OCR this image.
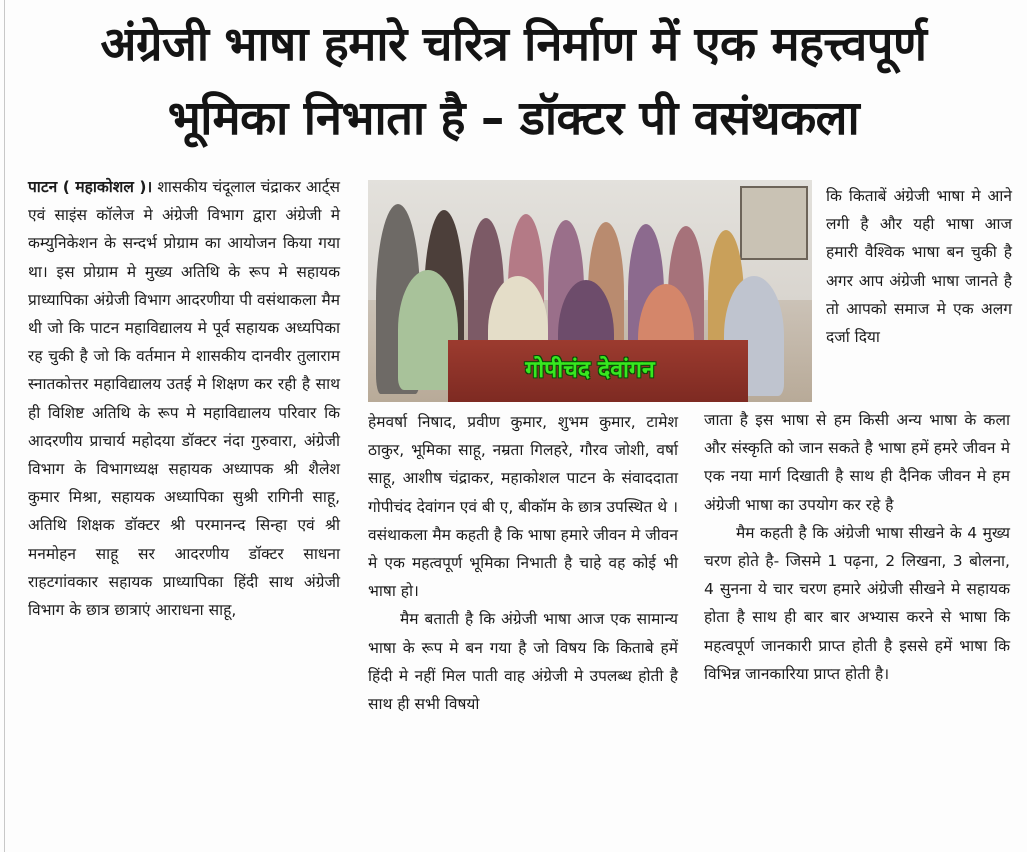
अंग्रेजी भाषा हमारे चरित्र निर्माण में एक महत्त्वपूर्ण
भूमिका निभाता है – डॉक्टर पी वसंथकला

पाटन ( महाकोशल )। शासकीय चंदूलाल चंद्राकर आर्ट्स एवं साइंस कॉलेज मे अंग्रेजी विभाग द्वारा अंग्रेजी मे कम्युनिकेशन के सन्दर्भ प्रोग्राम का आयोजन किया गया था। इस प्रोग्राम मे मुख्य अतिथि के रूप मे सहायक प्राध्यापिका अंग्रेजी विभाग आदरणीया पी वसंथाकला मैम थी जो कि पाटन महाविद्यालय मे पूर्व सहायक अध्यपिका रह चुकी है जो कि वर्तमान मे शासकीय दानवीर तुलाराम स्नातकोत्तर महाविद्यालय उतई मे शिक्षण कर रही है साथ ही विशिष्ट अतिथि के रूप मे महाविद्यालय परिवार कि आदरणीय प्राचार्य महोदया डॉक्टर नंदा गुरुवारा, अंग्रेजी विभाग के विभागध्यक्ष सहायक अध्यापक श्री शैलेश कुमार मिश्रा, सहायक अध्यापिका सुश्री रागिनी साहू, अतिथि शिक्षक डॉक्टर श्री परमानन्द सिन्हा एवं श्री मनमोहन साहू सर आदरणीय डॉक्टर साधना राहटगांवकार सहायक प्राध्यापिका हिंदी साथ अंग्रेजी विभाग के छात्र छात्राएं आराधना साहू,

गोपीचंद देवांगन

हेमवर्षा निषाद, प्रवीण कुमार, शुभम कुमार, टामेश ठाकुर, भूमिका साहू, नम्रता गिलहरे, गौरव जोशी, वर्षा साहू, आशीष चंद्राकर, महाकोशल पाटन के संवाददाता गोपीचंद देवांगन एवं बी ए, बीकॉम के छात्र उपस्थित थे । वसंथाकला मैम कहती है कि भाषा हमारे जीवन मे जीवन मे एक महत्वपूर्ण भूमिका निभाती है चाहे वह कोई भी भाषा हो।

मैम बताती है कि अंग्रेजी भाषा आज एक सामान्य भाषा के रूप मे बन गया है जो विषय कि किताबे हमें हिंदी मे नहीं मिल पाती वाह अंग्रेजी मे उपलब्ध होती है साथ ही सभी विषयो

कि किताबें अंग्रेजी भाषा मे आने लगी है और यही भाषा आज हमारी वैश्विक भाषा बन चुकी है अगर आप अंग्रेजी भाषा जानते है तो आपको समाज मे एक अलग दर्जा दिया

जाता है इस भाषा से हम किसी अन्य भाषा के कला और संस्कृति को जान सकते है भाषा हमें हमरे जीवन मे एक नया मार्ग दिखाती है साथ ही दैनिक जीवन मे हम अंग्रेजी भाषा का उपयोग कर रहे है

मैम कहती है कि अंग्रेजी भाषा सीखने के 4 मुख्य चरण होते है- जिसमे 1 पढ़ना, 2 लिखना, 3 बोलना, 4 सुनना ये चार चरण हमारे अंग्रेजी सीखने मे सहायक होता है साथ ही बार बार अभ्यास करने से भाषा कि महत्वपूर्ण जानकारी प्राप्त होती है इससे हमें भाषा कि विभिन्न जानकारिया प्राप्त होती है।
